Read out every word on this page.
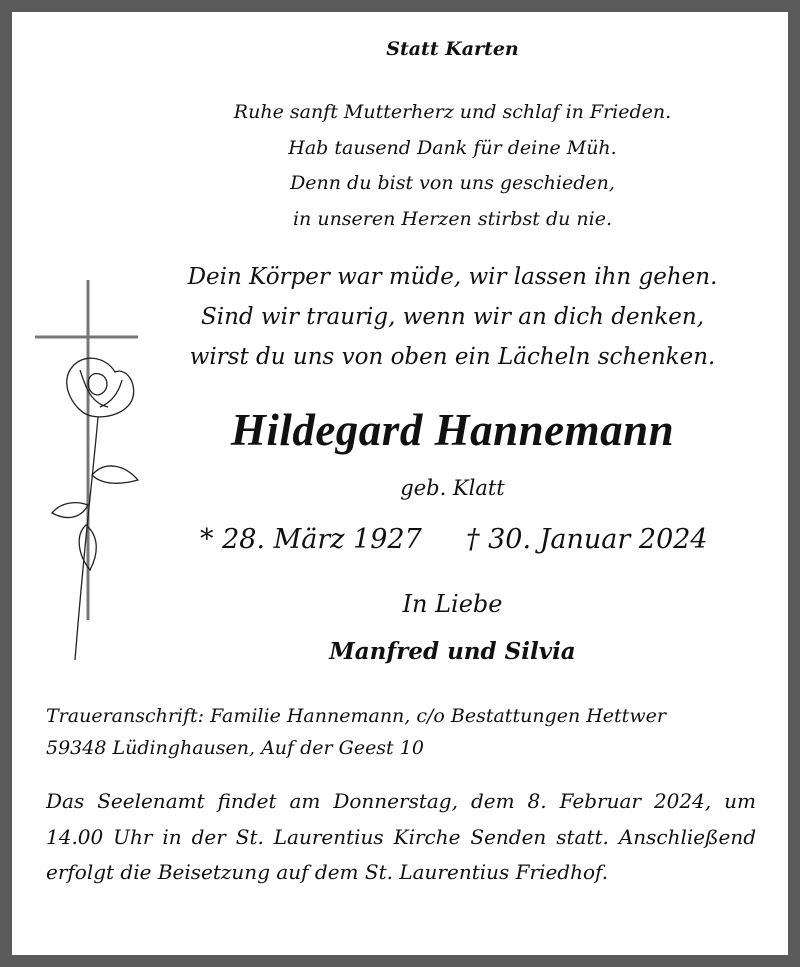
Statt Karten
Ruhe sanft Mutterherz und schlaf in Frieden.
Hab tausend Dank für deine Müh.
Denn du bist von uns geschieden,
in unseren Herzen stirbst du nie.
Dein Körper war müde, wir lassen ihn gehen.
Sind wir traurig, wenn wir an dich denken,
wirst du uns von oben ein Lächeln schenken.
Hildegard Hannemann
geb. Klatt
* 28. März 1927 † 30. Januar 2024
In Liebe
Manfred und Silvia
Traueranschrift: Familie Hannemann, c/o Bestattungen Hettwer
59348 Lüdinghausen, Auf der Geest 10
Das Seelenamt findet am Donnerstag, dem 8. Februar 2024, um 14.00 Uhr in der St. Laurentius Kirche Senden statt. Anschließend erfolgt die Beisetzung auf dem St. Laurentius Friedhof.
